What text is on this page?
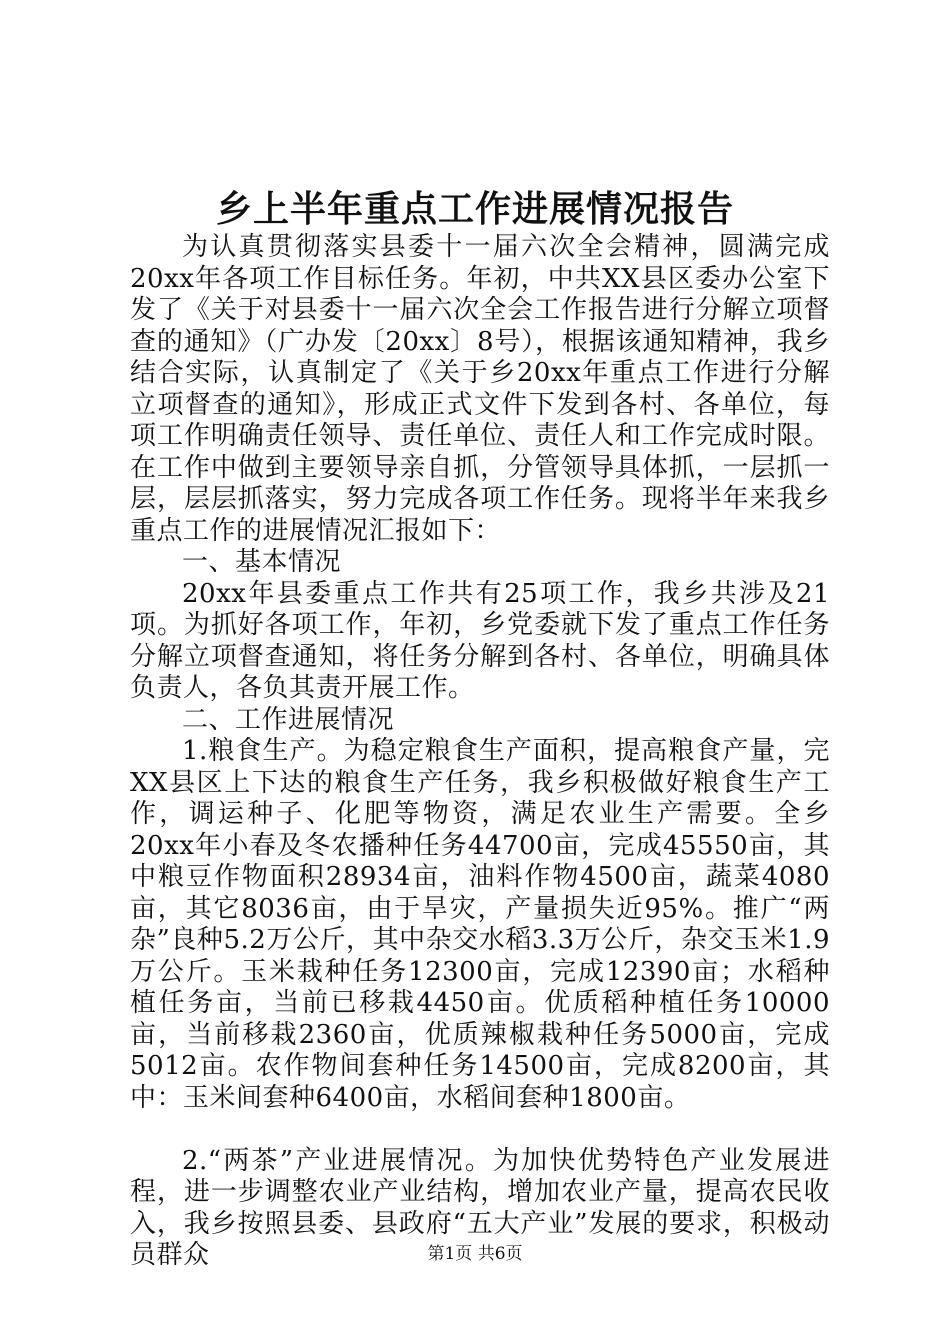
乡上半年重点工作进展情况报告

为认真贯彻落实县委十一届六次全会精神，圆满完成20xx年各项工作目标任务。年初，中共XX县区委办公室下发了《关于对县委十一届六次全会工作报告进行分解立项督查的通知》（广办发〔20xx〕8号），根据该通知精神，我乡结合实际，认真制定了《关于乡20xx年重点工作进行分解立项督查的通知》，形成正式文件下发到各村、各单位，每项工作明确责任领导、责任单位、责任人和工作完成时限。在工作中做到主要领导亲自抓，分管领导具体抓，一层抓一层，层层抓落实，努力完成各项工作任务。现将半年来我乡重点工作的进展情况汇报如下：

一、基本情况

20xx年县委重点工作共有25项工作，我乡共涉及21项。为抓好各项工作，年初，乡党委就下发了重点工作任务分解立项督查通知，将任务分解到各村、各单位，明确具体负责人，各负其责开展工作。

二、工作进展情况

1.粮食生产。为稳定粮食生产面积，提高粮食产量，完XX县区上下达的粮食生产任务，我乡积极做好粮食生产工作，调运种子、化肥等物资，满足农业生产需要。全乡20xx年小春及冬农播种任务44700亩，完成45550亩，其中粮豆作物面积28934亩，油料作物4500亩，蔬菜4080亩，其它8036亩，由于旱灾，产量损失近95%。推广“两杂”良种5.2万公斤，其中杂交水稻3.3万公斤，杂交玉米1.9万公斤。玉米栽种任务12300亩，完成12390亩；水稻种植任务亩，当前已移栽4450亩。优质稻种植任务10000亩，当前移栽2360亩，优质辣椒栽种任务5000亩，完成5012亩。农作物间套种任务14500亩，完成8200亩，其中：玉米间套种6400亩，水稻间套种1800亩。

2.“两茶”产业进展情况。为加快优势特色产业发展进程，进一步调整农业产业结构，增加农业产量，提高农民收入，我乡按照县委、县政府“五大产业”发展的要求，积极动员群众	第1页 共6页
